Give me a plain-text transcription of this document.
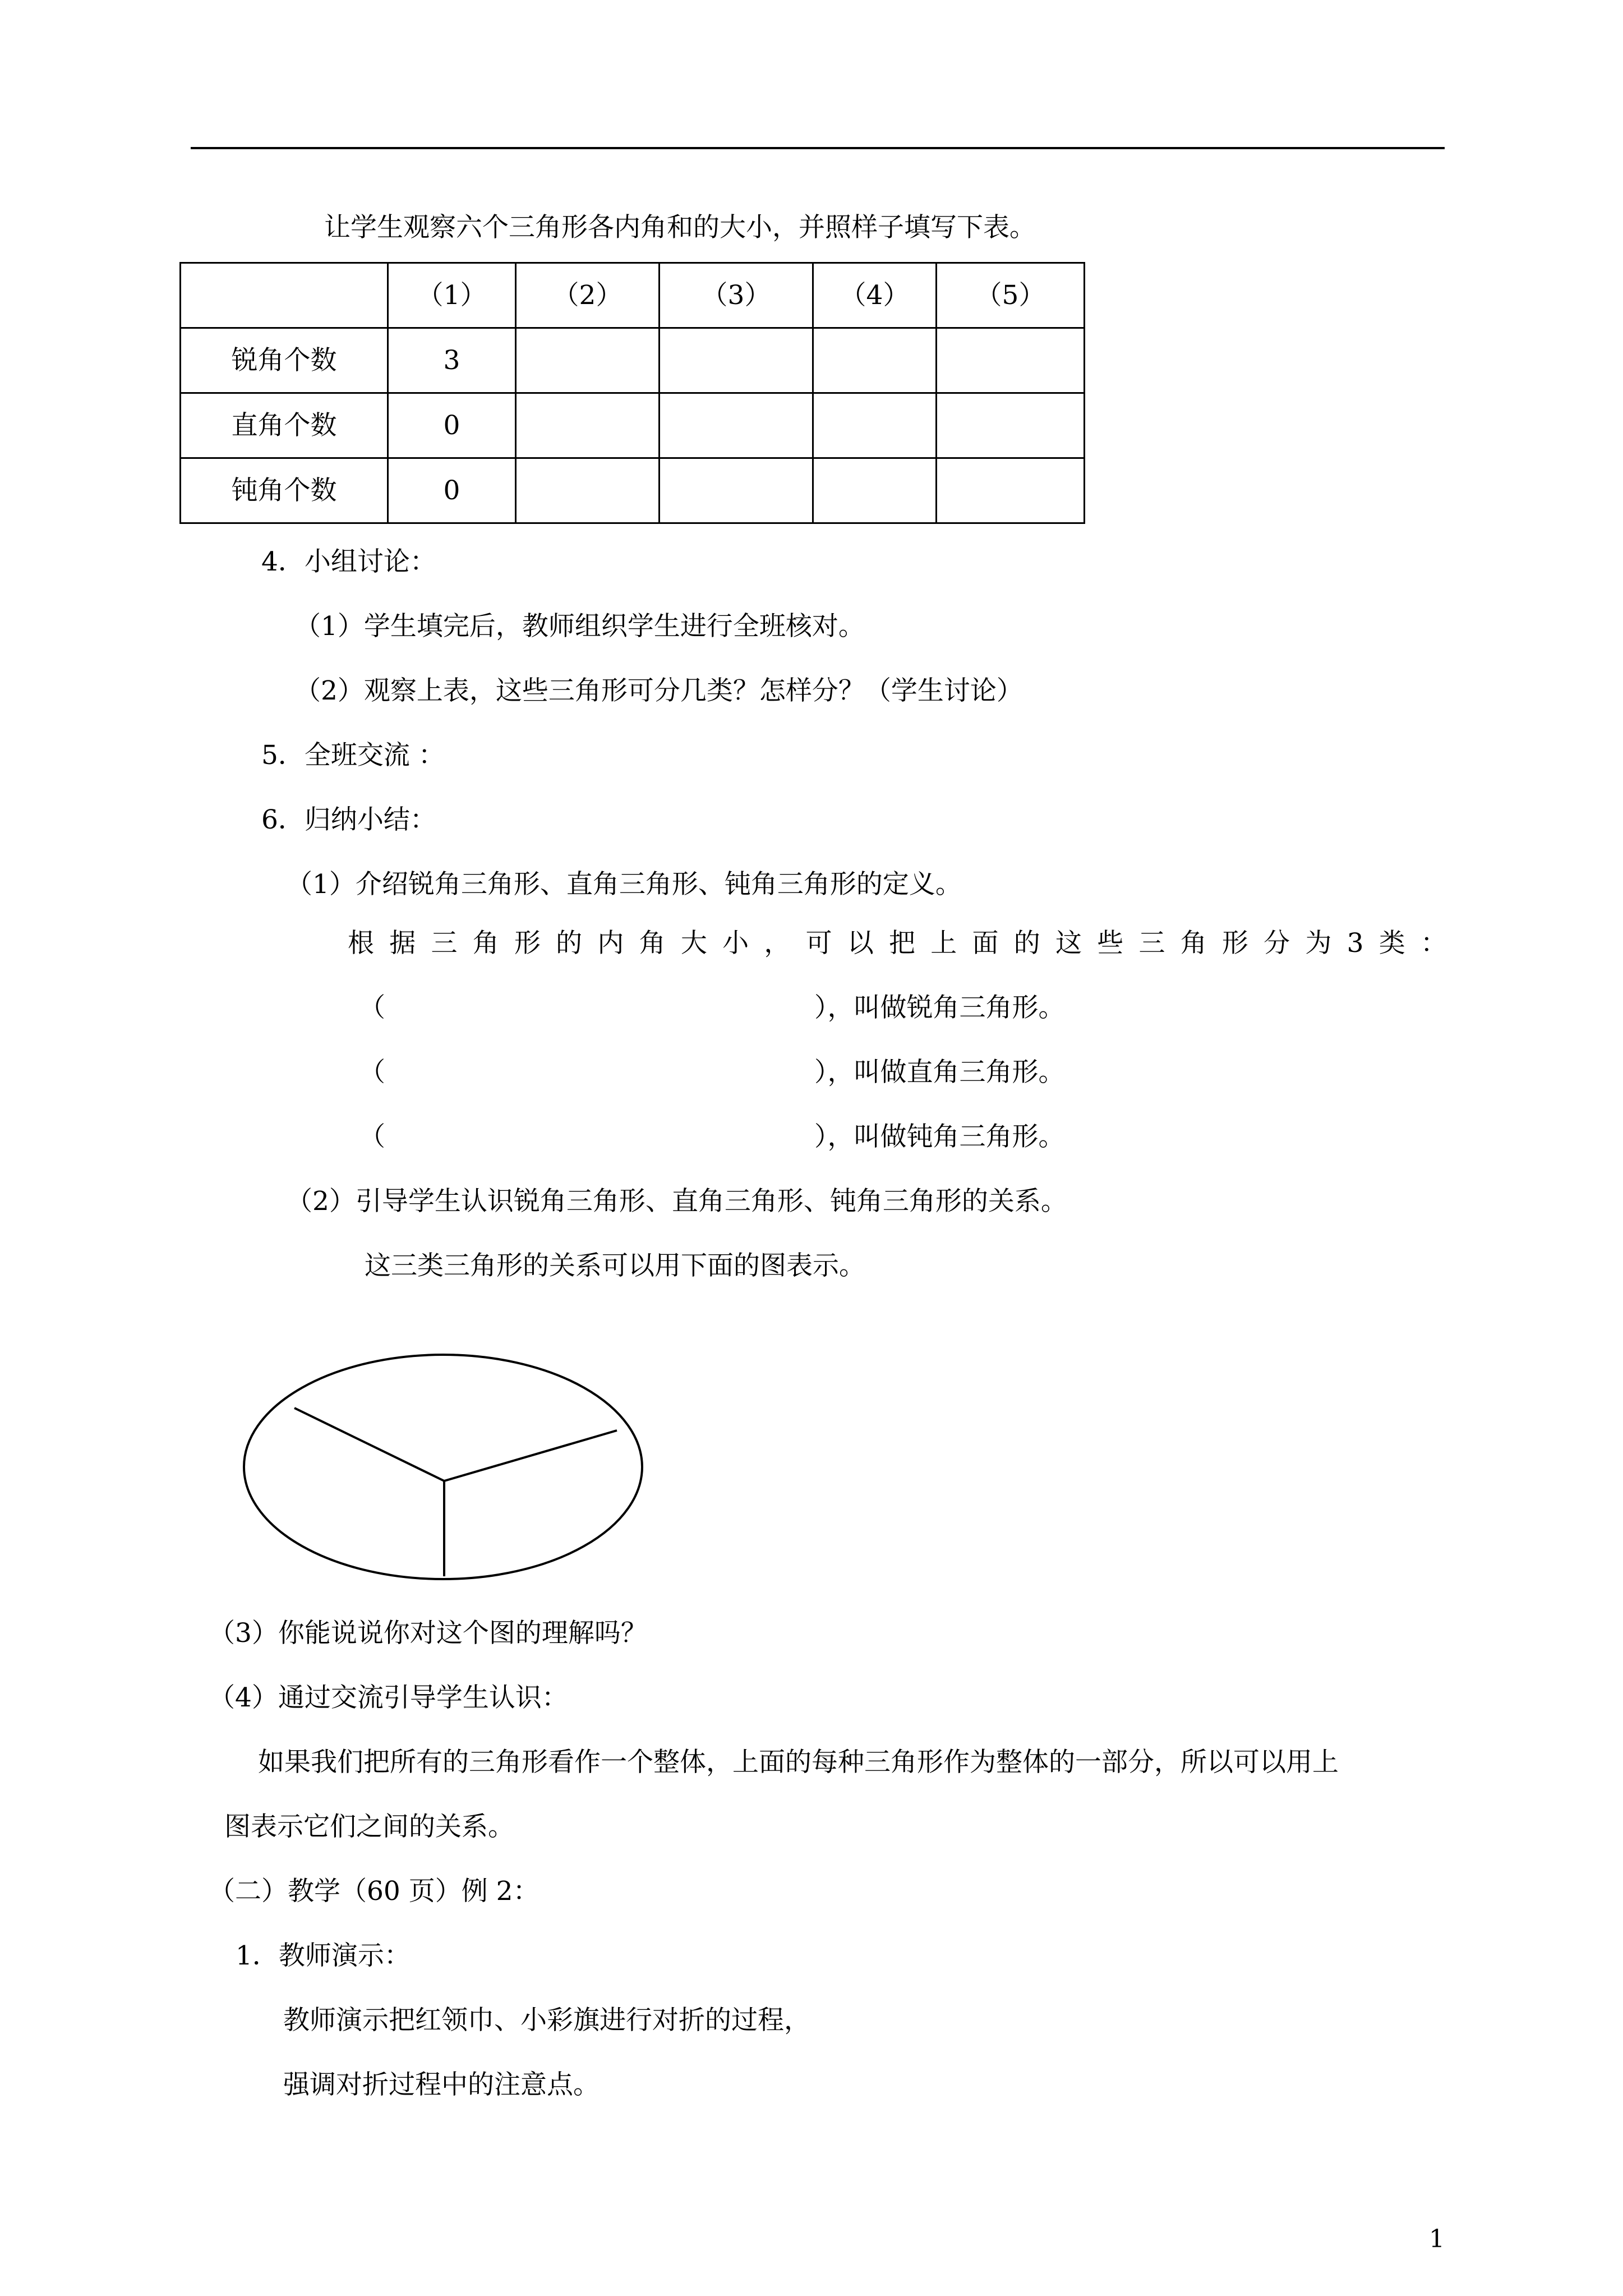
让学生观察六个三角形各内角和的大小，并照样子填写下表。
	（1）	（2）	（3）	（4）	（5）
锐角个数	3				
直角个数	0				
钝角个数	0				
4．小组讨论：
（1）学生填完后，教师组织学生进行全班核对。
（2）观察上表，这些三角形可分几类？怎样分？（学生讨论）
5．全班交流 ：
6．归纳小结：
（1）介绍锐角三角形、直角三角形、钝角三角形的定义。
根 据 三 角 形 的 内 角 大 小 ， 可 以 把 上 面 的 这 些 三 角 形 分 为 3 类 ：
（	），叫做锐角三角形。
（	），叫做直角三角形。
（	），叫做钝角三角形。
（2）引导学生认识锐角三角形、直角三角形、钝角三角形的关系。
这三类三角形的关系可以用下面的图表示。
（3）你能说说你对这个图的理解吗？
（4）通过交流引导学生认识：
如果我们把所有的三角形看作一个整体，上面的每种三角形作为整体的一部分，所以可以用上
图表示它们之间的关系。
（二）教学（60 页）例 2：
1．教师演示：
教师演示把红领巾、小彩旗进行对折的过程，
强调对折过程中的注意点。
1
